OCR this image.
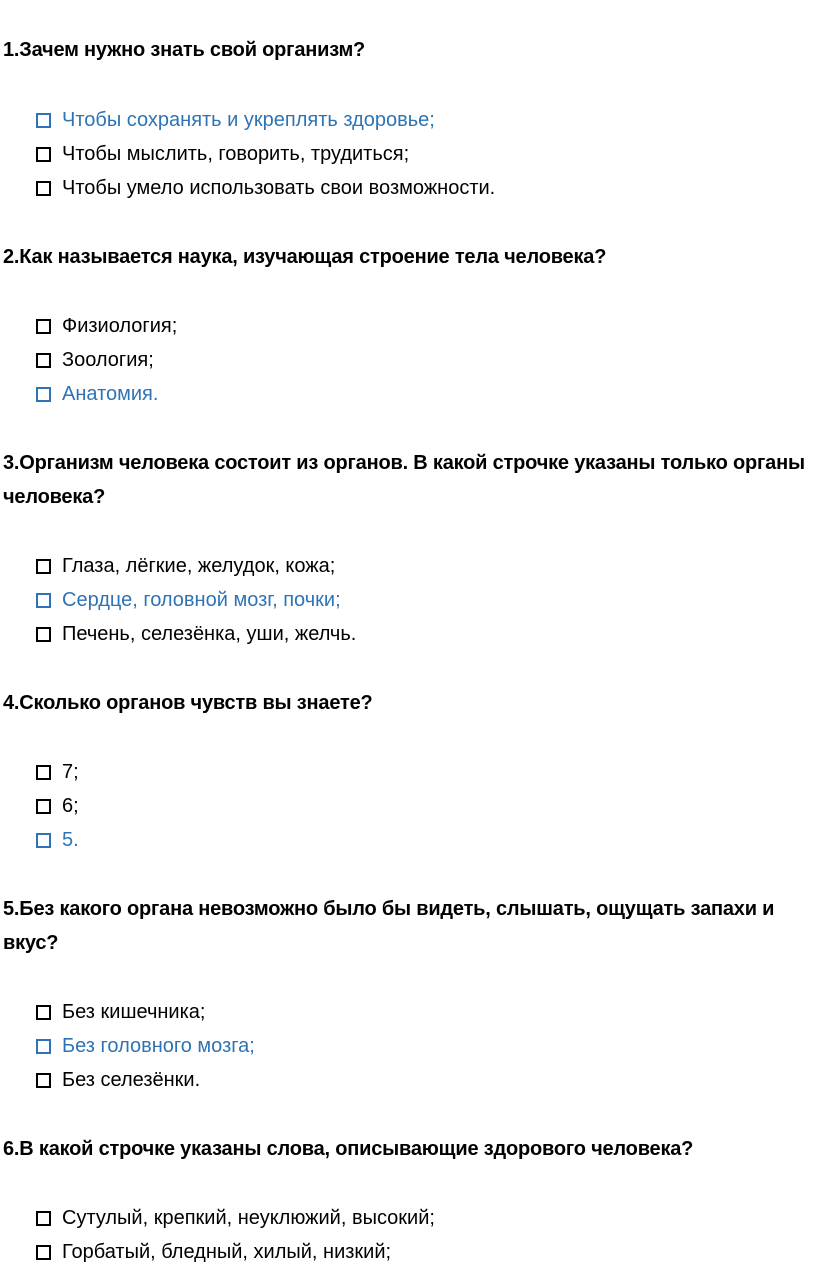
1.Зачем нужно знать свой организм?

Чтобы сохранять и укреплять здоровье;
Чтобы мыслить, говорить, трудиться;
Чтобы умело использовать свои возможности.

2.Как называется наука, изучающая строение тела человека?

Физиология;
Зоология;
Анатомия.

3.Организм человека состоит из органов. В какой строчке указаны только органы человека?

Глаза, лёгкие, желудок, кожа;
Сердце, головной мозг, почки;
Печень, селезёнка, уши, желчь.

4.Сколько органов чувств вы знаете?

7;
6;
5.

5.Без какого органа невозможно было бы видеть, слышать, ощущать запахи и вкус?

Без кишечника;
Без головного мозга;
Без селезёнки.

6.В какой строчке указаны слова, описывающие здорового человека?

Сутулый, крепкий, неуклюжий, высокий;
Горбатый, бледный, хилый, низкий;
